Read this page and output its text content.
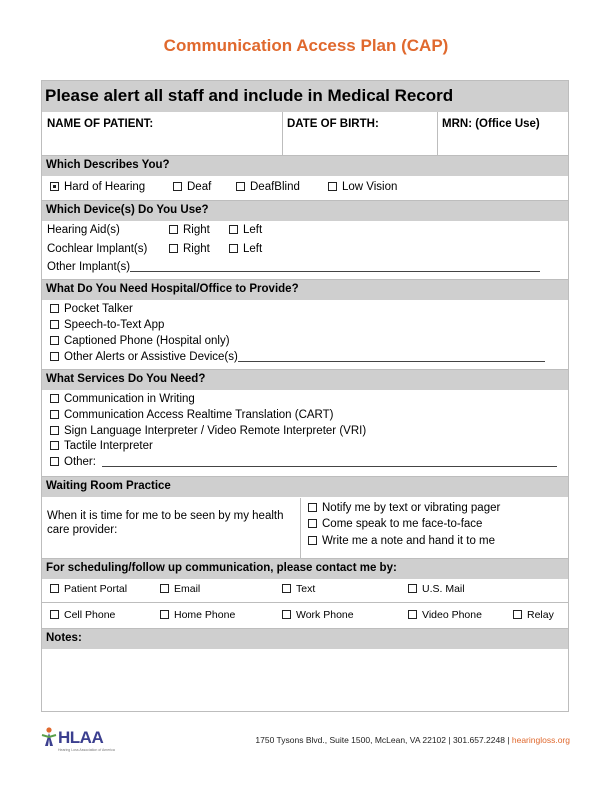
Communication Access Plan (CAP)
Please alert all staff and include in Medical Record
NAME OF PATIENT:	DATE OF BIRTH:	MRN: (Office Use)
Which Describes You?
Hard of Hearing	Deaf	DeafBlind	Low Vision
Which Device(s) Do You Use?
Hearing Aid(s)	Right	Left
Cochlear Implant(s)	Right	Left
Other Implant(s)
What Do You Need Hospital/Office to Provide?
Pocket Talker
Speech-to-Text App
Captioned Phone (Hospital only)
Other Alerts or Assistive Device(s)
What Services Do You Need?
Communication in Writing
Communication Access Realtime Translation (CART)
Sign Language Interpreter / Video Remote Interpreter (VRI)
Tactile Interpreter
Other:
Waiting Room Practice
When it is time for me to be seen by my health care provider:
Notify me by text or vibrating pager
Come speak to me face-to-face
Write me a note and hand it to me
For scheduling/follow up communication, please contact me by:
Patient Portal	Email	Text	U.S. Mail
Cell Phone	Home Phone	Work Phone	Video Phone	Relay
Notes:
HLAA
Hearing Loss Association of America
1750 Tysons Blvd., Suite 1500, McLean, VA 22102 | 301.657.2248 | hearingloss.org
